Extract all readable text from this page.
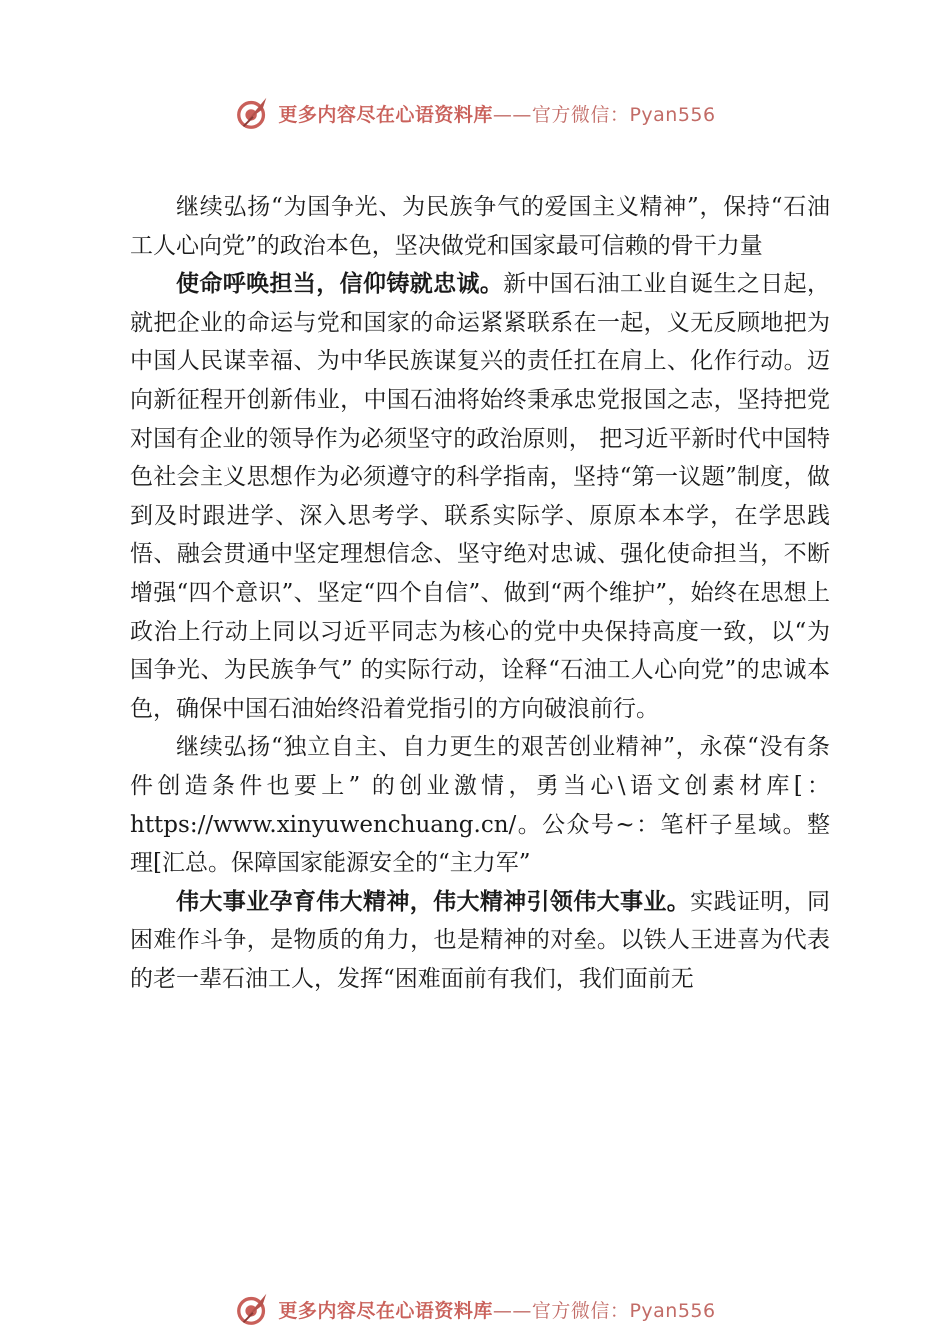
更多内容尽在心语资料库——官方微信：Pyan556

继续弘扬“为国争光、为民族争气的爱国主义精神”，保持“石油工人心向党”的政治本色，坚决做党和国家最可信赖的骨干力量

使命呼唤担当，信仰铸就忠诚。新中国石油工业自诞生之日起，就把企业的命运与党和国家的命运紧紧联系在一起，义无反顾地把为中国人民谋幸福、为中华民族谋复兴的责任扛在肩上、化作行动。迈向新征程开创新伟业，中国石油将始终秉承忠党报国之志，坚持把党对国有企业的领导作为必须坚守的政治原则， 把习近平新时代中国特色社会主义思想作为必须遵守的科学指南，坚持“第一议题”制度，做到及时跟进学、深入思考学、联系实际学、原原本本学，在学思践悟、融会贯通中坚定理想信念、坚守绝对忠诚、强化使命担当，不断增强“四个意识”、坚定“四个自信”、做到“两个维护”，始终在思想上政治上行动上同以习近平同志为核心的党中央保持高度一致，以“为国争光、为民族争气” 的实际行动，诠释“石油工人心向党”的忠诚本色，确保中国石油始终沿着党指引的方向破浪前行。

继续弘扬“独立自主、自力更生的艰苦创业精神”，永葆“没有条件创造条件也要上” 的创业激情，勇当心\语文创素材库[：https://www.xinyuwenchuang.cn/。公众号~：笔杆子星域。整理[汇总。保障国家能源安全的“主力军”

伟大事业孕育伟大精神，伟大精神引领伟大事业。实践证明，同困难作斗争，是物质的角力，也是精神的对垒。以铁人王进喜为代表的老一辈石油工人，发挥“困难面前有我们，我们面前无

更多内容尽在心语资料库——官方微信：Pyan556
